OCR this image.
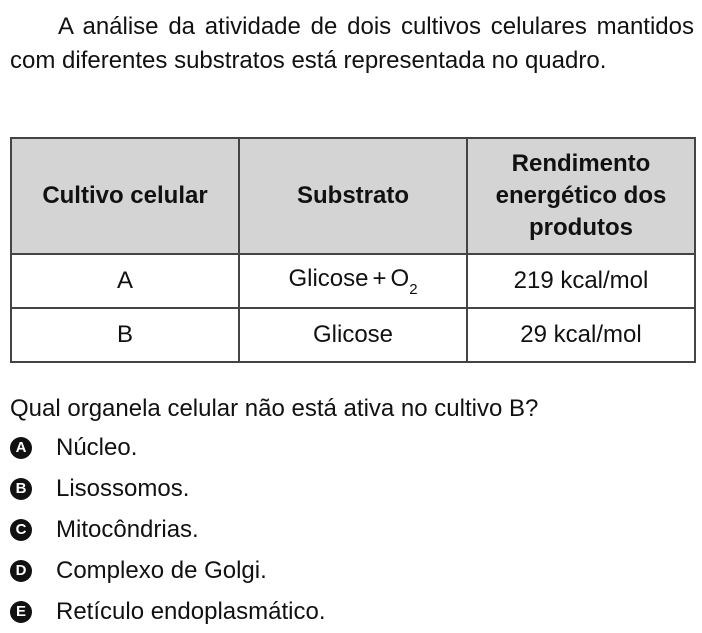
A análise da atividade de dois cultivos celulares mantidos com diferentes substratos está representada no quadro.

Cultivo celular	Substrato	Rendimento energético dos produtos
A	$Glicose + O_2$	219 kcal/mol
B	Glicose	29 kcal/mol

Qual organela celular não está ativa no cultivo B?

A Núcleo.
B Lisossomos.
C Mitocôndrias.
D Complexo de Golgi.
E Retículo endoplasmático.
